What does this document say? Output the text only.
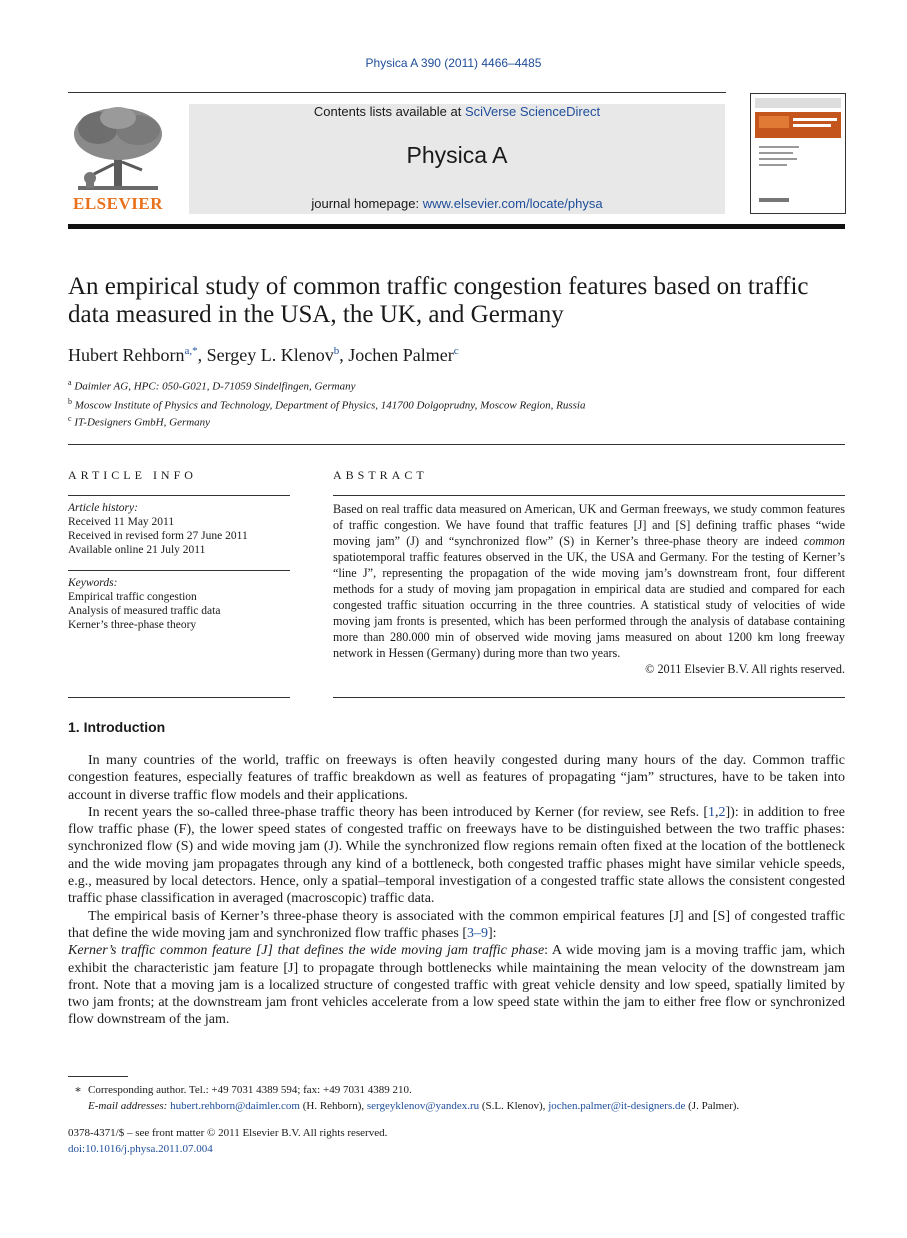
Physica A 390 (2011) 4466–4485
ELSEVIER
Contents lists available at SciVerse ScienceDirect
Physica A
journal homepage: www.elsevier.com/locate/physa
An empirical study of common traffic congestion features based on traffic data measured in the USA, the UK, and Germany
Hubert Rehborn$^{a,*}$, Sergey L. Klenov$^b$, Jochen Palmer$^c$
$^a$ Daimler AG, HPC: 050-G021, D-71059 Sindelfingen, Germany
$^b$ Moscow Institute of Physics and Technology, Department of Physics, 141700 Dolgoprudny, Moscow Region, Russia
$^c$ IT-Designers GmbH, Germany
ARTICLE INFO
Article history:
Received 11 May 2011
Received in revised form 27 June 2011
Available online 21 July 2011
Keywords:
Empirical traffic congestion
Analysis of measured traffic data
Kerner’s three-phase theory
ABSTRACT
Based on real traffic data measured on American, UK and German freeways, we study common features of traffic congestion. We have found that traffic features [J] and [S] defining traffic phases “wide moving jam” (J) and “synchronized flow” (S) in Kerner’s three-phase theory are indeed common spatiotemporal traffic features observed in the UK, the USA and Germany. For the testing of Kerner’s “line J”, representing the propagation of the wide moving jam’s downstream front, four different methods for a study of moving jam propagation in empirical data are studied and compared for each congested traffic situation occurring in the three countries. A statistical study of velocities of wide moving jam fronts is presented, which has been performed through the analysis of database containing more than 280.000 min of observed wide moving jams measured on about 1200 km long freeway network in Hessen (Germany) during more than two years.
© 2011 Elsevier B.V. All rights reserved.
1. Introduction

In many countries of the world, traffic on freeways is often heavily congested during many hours of the day. Common traffic congestion features, especially features of traffic breakdown as well as features of propagating “jam” structures, have to be taken into account in diverse traffic flow models and their applications.

In recent years the so-called three-phase traffic theory has been introduced by Kerner (for review, see Refs. [1,2]): in addition to free flow traffic phase (F), the lower speed states of congested traffic on freeways have to be distinguished between the two traffic phases: synchronized flow (S) and wide moving jam (J). While the synchronized flow regions remain often fixed at the location of the bottleneck and the wide moving jam propagates through any kind of a bottleneck, both congested traffic phases might have similar vehicle speeds, e.g., measured by local detectors. Hence, only a spatial–temporal investigation of a congested traffic state allows the consistent congested traffic phase classification in averaged (macroscopic) traffic data.

The empirical basis of Kerner’s three-phase theory is associated with the common empirical features [J] and [S] of congested traffic that define the wide moving jam and synchronized flow traffic phases [3–9]:

Kerner’s traffic common feature [J] that defines the wide moving jam traffic phase: A wide moving jam is a moving traffic jam, which exhibit the characteristic jam feature [J] to propagate through bottlenecks while maintaining the mean velocity of the downstream jam front. Note that a moving jam is a localized structure of congested traffic with great vehicle density and low speed, spatially limited by two jam fronts; at the downstream jam front vehicles accelerate from a low speed state within the jam to either free flow or synchronized flow downstream of the jam.

∗ Corresponding author. Tel.: +49 7031 4389 594; fax: +49 7031 4389 210.
E-mail addresses: hubert.rehborn@daimler.com (H. Rehborn), sergeyklenov@yandex.ru (S.L. Klenov), jochen.palmer@it-designers.de (J. Palmer).
0378-4371/$ – see front matter © 2011 Elsevier B.V. All rights reserved.
doi:10.1016/j.physa.2011.07.004
